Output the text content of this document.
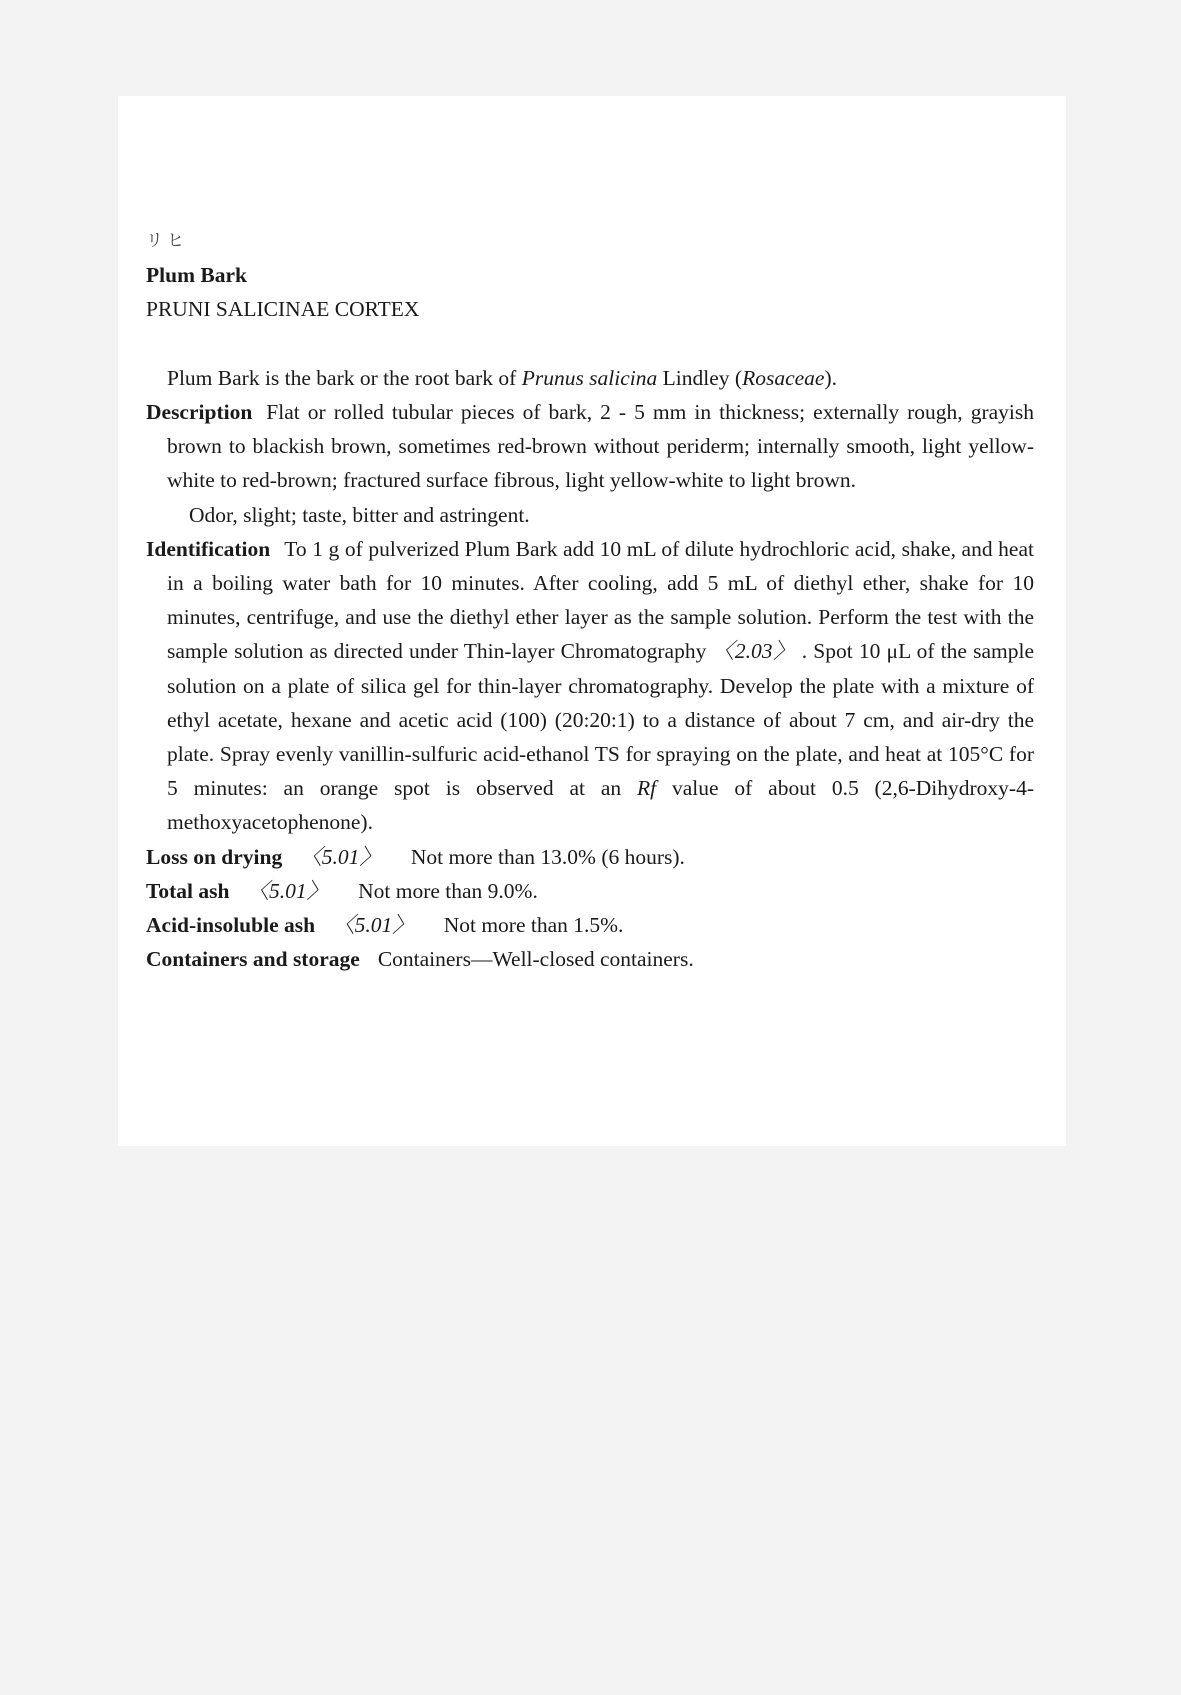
リヒ
Plum Bark
PRUNI SALICINAE CORTEX
Plum Bark is the bark or the root bark of Prunus salicina Lindley (Rosaceae).
Description Flat or rolled tubular pieces of bark, 2 - 5 mm in thickness; externally rough, grayish brown to blackish brown, sometimes red-brown without periderm; internally smooth, light yellow-white to red-brown; fractured surface fibrous, light yellow-white to light brown.
Odor, slight; taste, bitter and astringent.
Identification To 1 g of pulverized Plum Bark add 10 mL of dilute hydrochloric acid, shake, and heat in a boiling water bath for 10 minutes. After cooling, add 5 mL of diethyl ether, shake for 10 minutes, centrifuge, and use the diethyl ether layer as the sample solution. Perform the test with the sample solution as directed under Thin-layer Chromatography 〈2.03〉 . Spot 10 μL of the sample solution on a plate of silica gel for thin-layer chromatography. Develop the plate with a mixture of ethyl acetate, hexane and acetic acid (100) (20:20:1) to a distance of about 7 cm, and air-dry the plate. Spray evenly vanillin-sulfuric acid-ethanol TS for spraying on the plate, and heat at 105°C for 5 minutes: an orange spot is observed at an Rf value of about 0.5 (2,6-Dihydroxy-4-methoxyacetophenone).
Loss on drying 〈5.01〉 Not more than 13.0% (6 hours).
Total ash 〈5.01〉 Not more than 9.0%.
Acid-insoluble ash 〈5.01〉 Not more than 1.5%.
Containers and storage Containers—Well-closed containers.
